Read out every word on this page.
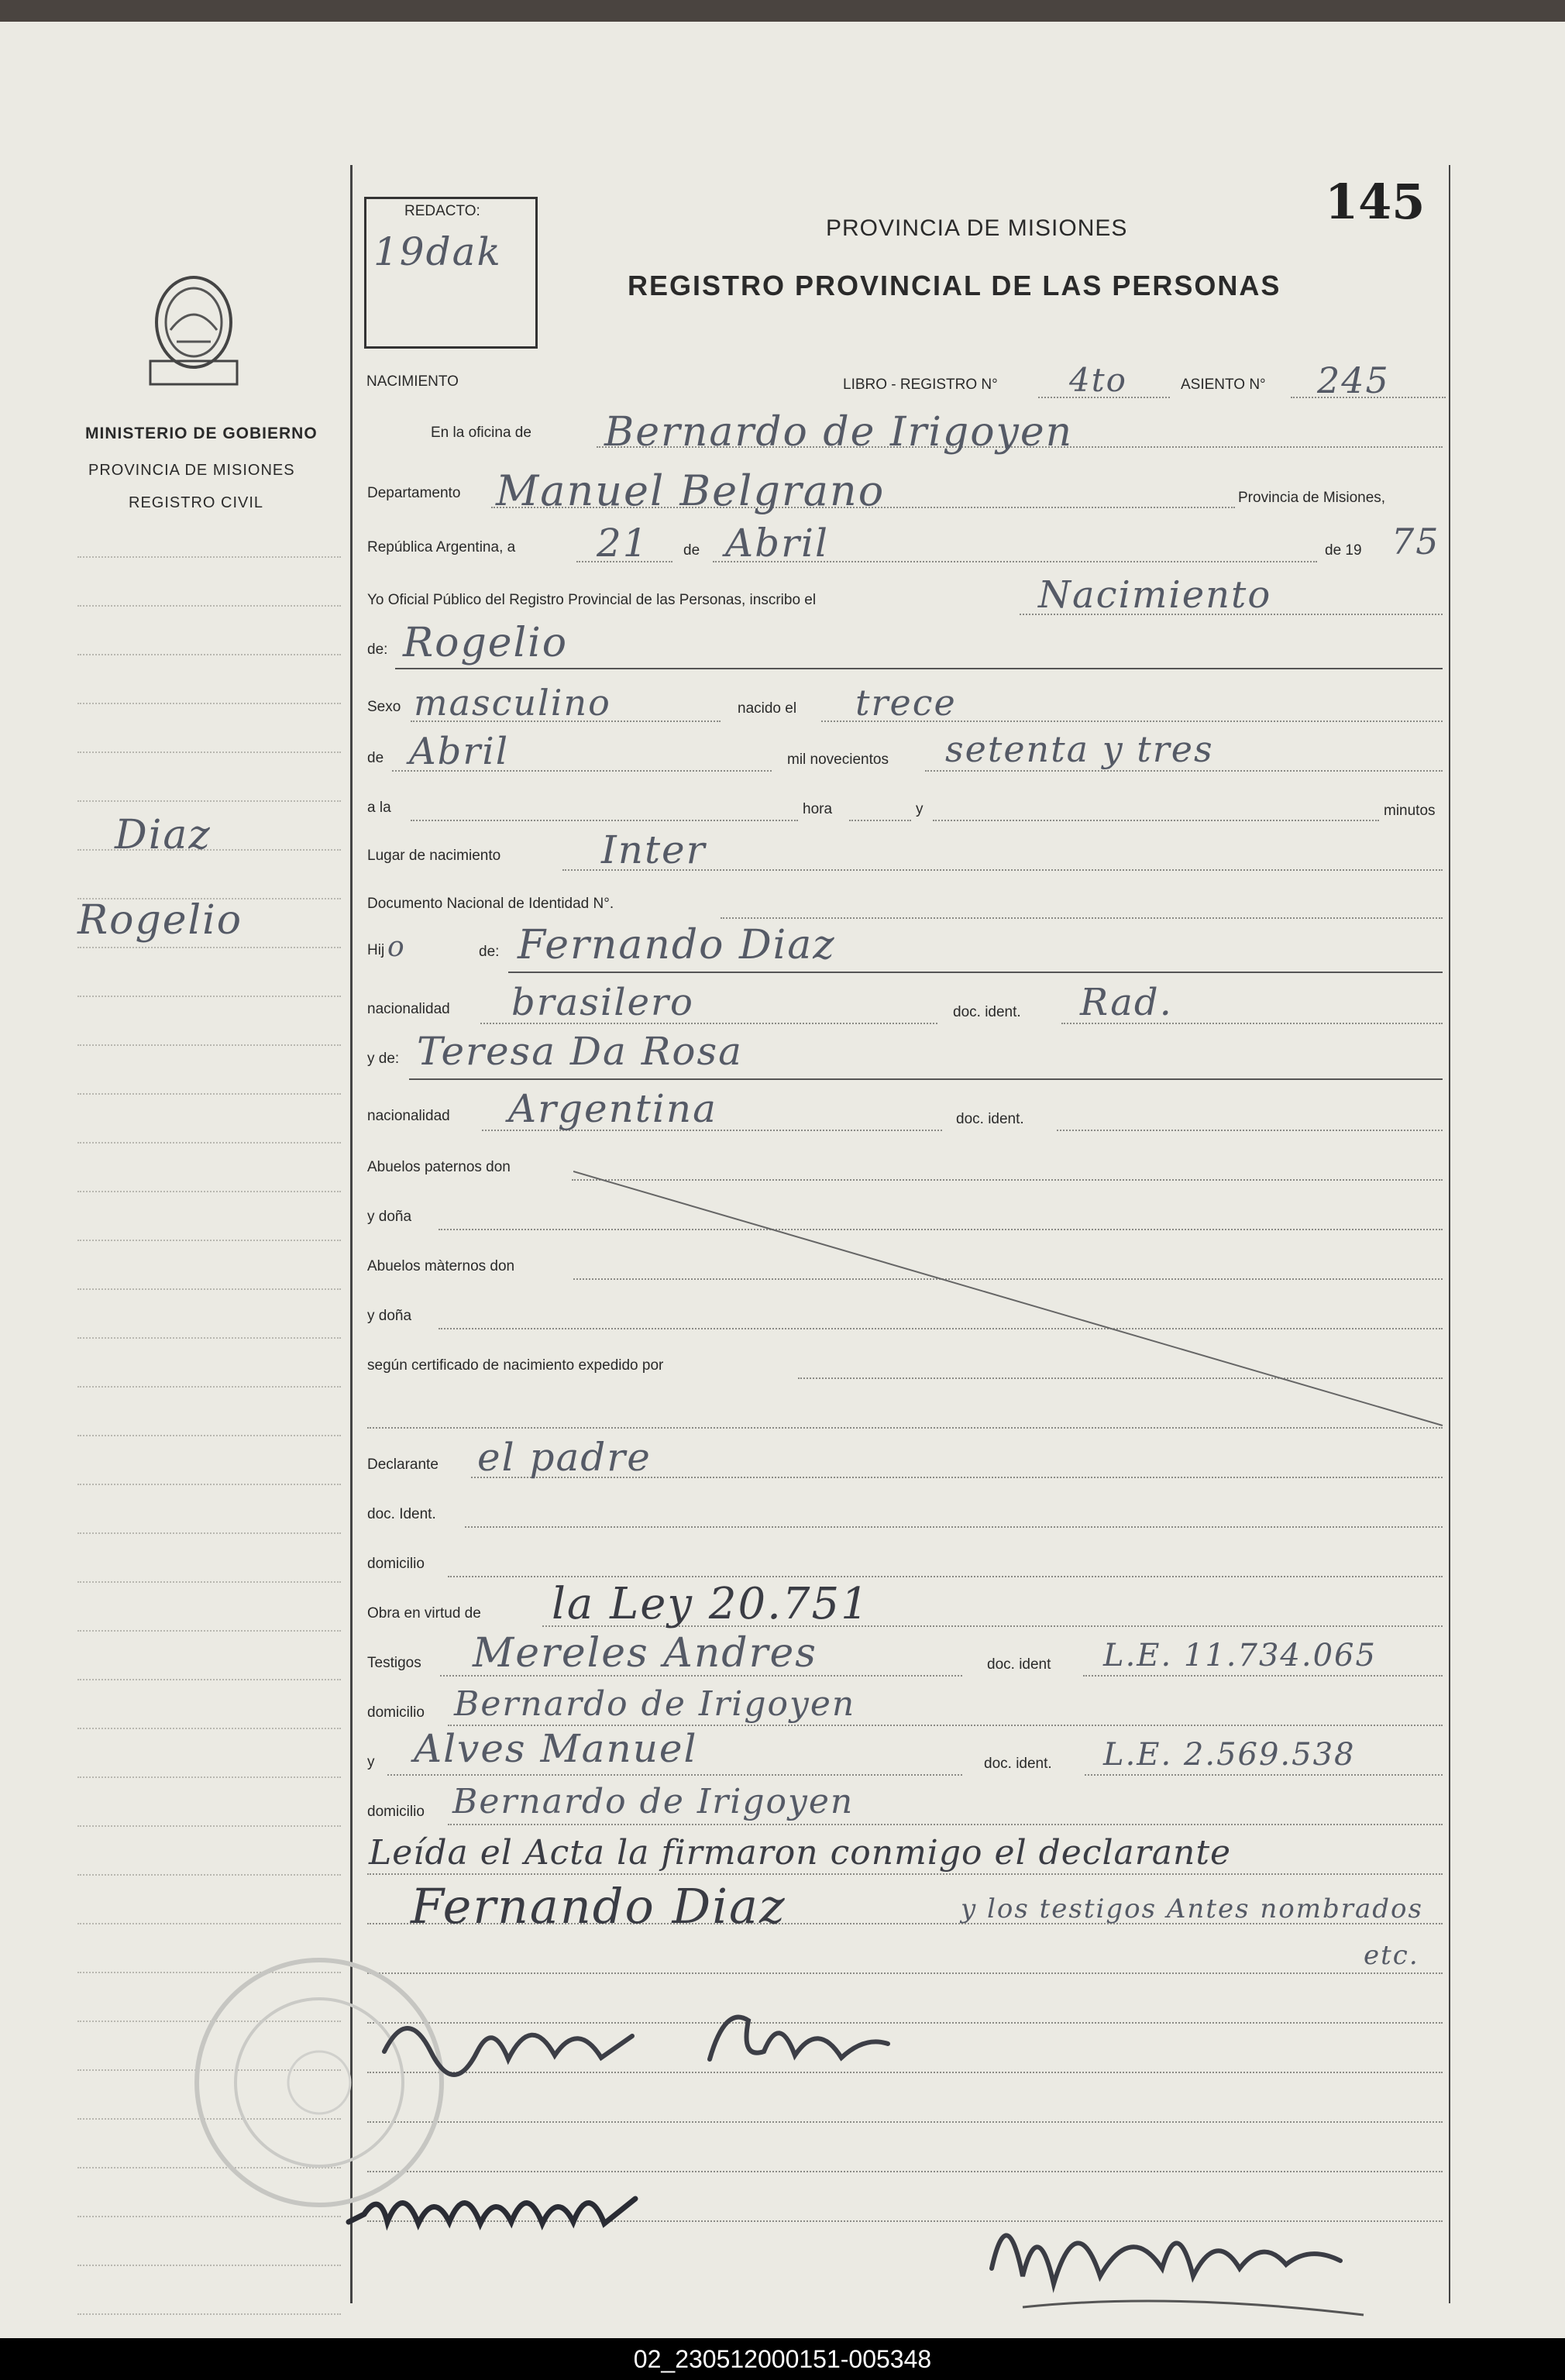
MINISTERIO DE GOBIERNO
PROVINCIA DE MISIONES
REGISTRO CIVIL
Diaz
Rogelio
REDACTO:
19dak
PROVINCIA DE MISIONES
REGISTRO PROVINCIAL DE LAS PERSONAS
145
NACIMIENTO	LIBRO - REGISTRO N° 4to	ASIENTO N° 245
En la oficina de Bernardo de Irigoyen
Departamento Manuel Belgrano	Provincia de Misiones,
República Argentina, a 21 de Abril	de 19 75
Yo Oficial Público del Registro Provincial de las Personas, inscribo el	Nacimiento
de: Rogelio
Sexo masculino	nacido el trece
de Abril	mil novecientos setenta y tres
a la	hora	y	minutos
Lugar de nacimiento	Inter
Documento Nacional de Identidad N°.
Hij o	de: Fernando Diaz
nacionalidad brasilero	doc. ident. Rad.
y de: Teresa Da Rosa
nacionalidad Argentina	doc. ident.
Abuelos paternos don
y doña
Abuelos màternos don
y doña
según certificado de nacimiento expedido por
Declarante el padre
doc. Ident.
domicilio
Obra en virtud de la Ley 20.751
Testigos Mereles Andres	doc. ident L.E. 11.734.065
domicilio Bernardo de Irigoyen
y Alves Manuel	doc. ident. L.E. 2.569.538
domicilio Bernardo de Irigoyen
Leída el Acta la firmaron conmigo el declarante
Fernando Diaz	y los testigos Antes nombrados
etc.
02_230512000151-005348
